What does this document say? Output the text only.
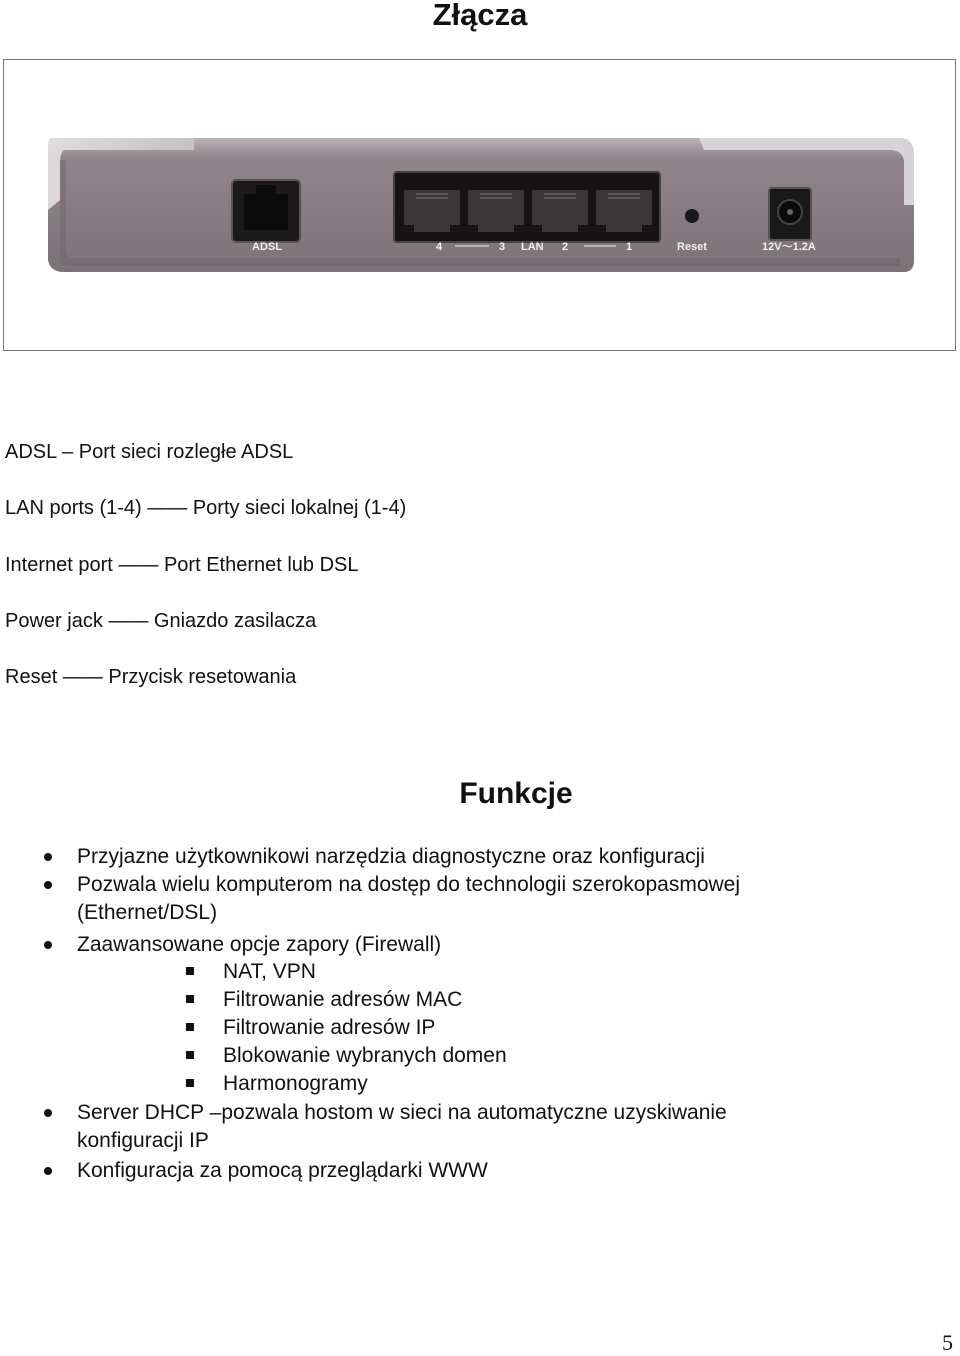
Złącza
ADSL	4	3 LAN 2	1	Reset	12V～1.2A
ADSL – Port sieci rozległe ADSL
LAN ports (1-4) —— Porty sieci lokalnej (1-4)
Internet port —— Port Ethernet lub DSL
Power jack —— Gniazdo zasilacza
Reset —— Przycisk resetowania
Funkcje
Przyjazne użytkownikowi narzędzia diagnostyczne oraz konfiguracji
Pozwala wielu komputerom na dostęp do technologii szerokopasmowej
(Ethernet/DSL)
Zaawansowane opcje zapory (Firewall)
NAT, VPN
Filtrowanie adresów MAC
Filtrowanie adresów IP
Blokowanie wybranych domen
Harmonogramy
Server DHCP –pozwala hostom w sieci na automatyczne uzyskiwanie
konfiguracji IP
Konfiguracja za pomocą przeglądarki WWW
5
